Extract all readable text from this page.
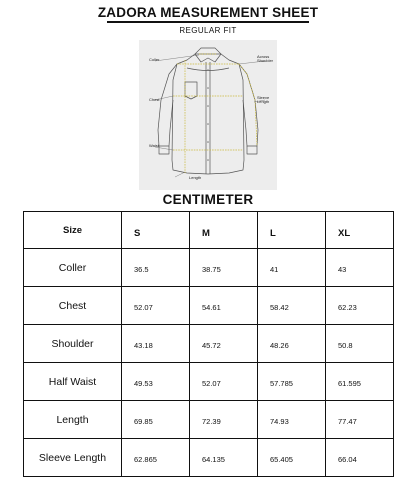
ZADORA MEASUREMENT SHEET
REGULAR FIT
Coller
Across
Shoulder
Chest	Sleeve
Length
Waist
Length
CENTIMETER
Size	S	M	L	XL
Coller	36.5	38.75	41	43
Chest	52.07	54.61	58.42	62.23
Shoulder	43.18	45.72	48.26	50.8
Half Waist	49.53	52.07	57.785	61.595
Length	69.85	72.39	74.93	77.47
Sleeve Length	62.865	64.135	65.405	66.04
